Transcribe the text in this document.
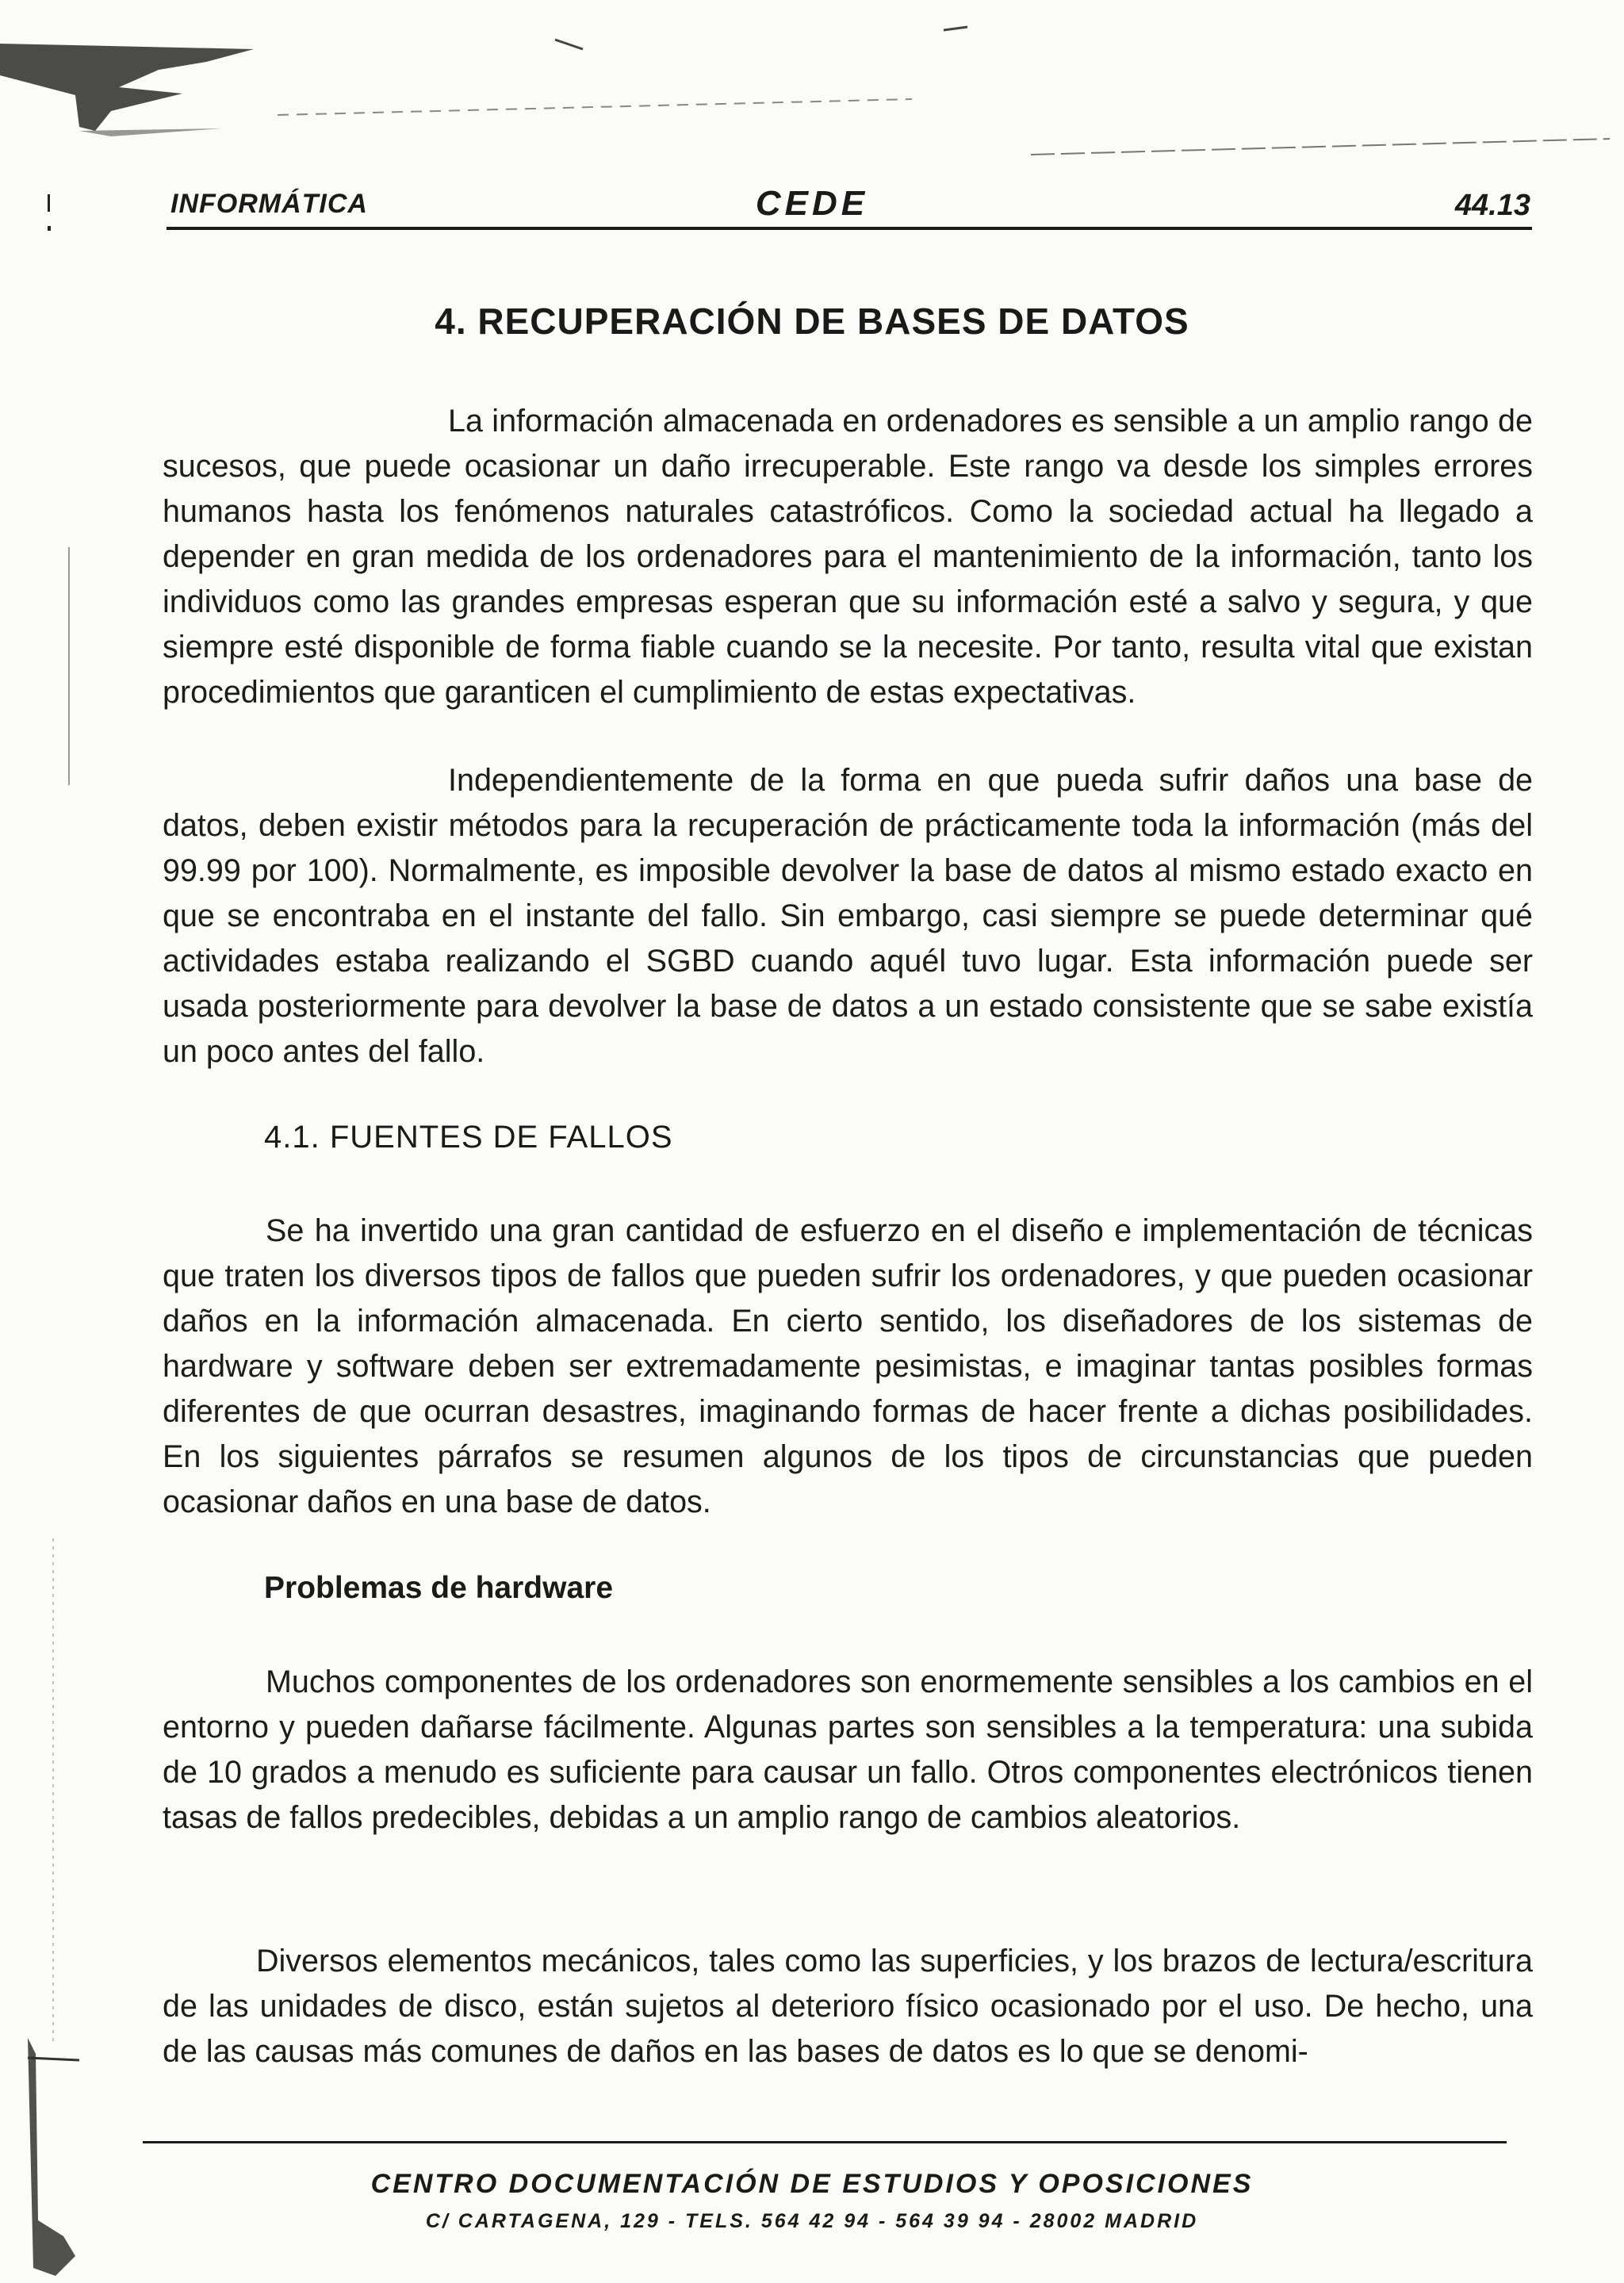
INFORMÁTICA	CEDE	44.13
4. RECUPERACIÓN DE BASES DE DATOS

La información almacenada en ordenadores es sensible a un amplio rango de sucesos, que puede ocasionar un daño irrecuperable. Este rango va desde los simples errores humanos hasta los fenómenos naturales catastróficos. Como la sociedad actual ha llegado a depender en gran medida de los ordenadores para el mantenimiento de la información, tanto los individuos como las grandes empresas esperan que su información esté a salvo y segura, y que siempre esté disponible de forma fiable cuando se la necesite. Por tanto, resulta vital que existan procedimientos que garanticen el cumplimiento de estas expectativas.

Independientemente de la forma en que pueda sufrir daños una base de datos, deben existir métodos para la recuperación de prácticamente toda la información (más del 99.99 por 100). Normalmente, es imposible devolver la base de datos al mismo estado exacto en que se encontraba en el instante del fallo. Sin embargo, casi siempre se puede determinar qué actividades estaba realizando el SGBD cuando aquél tuvo lugar. Esta información puede ser usada posteriormente para devolver la base de datos a un estado consistente que se sabe existía un poco antes del fallo.

4.1. FUENTES DE FALLOS

Se ha invertido una gran cantidad de esfuerzo en el diseño e implementación de técnicas que traten los diversos tipos de fallos que pueden sufrir los ordenadores, y que pueden ocasionar daños en la información almacenada. En cierto sentido, los diseñadores de los sistemas de hardware y software deben ser extremadamente pesimistas, e imaginar tantas posibles formas diferentes de que ocurran desastres, imaginando formas de hacer frente a dichas posibilidades. En los siguientes párrafos se resumen algunos de los tipos de circunstancias que pueden ocasionar daños en una base de datos.

Problemas de hardware

Muchos componentes de los ordenadores son enormemente sensibles a los cambios en el entorno y pueden dañarse fácilmente. Algunas partes son sensibles a la temperatura: una subida de 10 grados a menudo es suficiente para causar un fallo. Otros componentes electrónicos tienen tasas de fallos predecibles, debidas a un amplio rango de cambios aleatorios.

Diversos elementos mecánicos, tales como las superficies, y los brazos de lectura/escritura de las unidades de disco, están sujetos al deterioro físico ocasionado por el uso. De hecho, una de las causas más comunes de daños en las bases de datos es lo que se denomi-

CENTRO DOCUMENTACIÓN DE ESTUDIOS Y OPOSICIONES
C/ CARTAGENA, 129 - TELS. 564 42 94 - 564 39 94 - 28002 MADRID
